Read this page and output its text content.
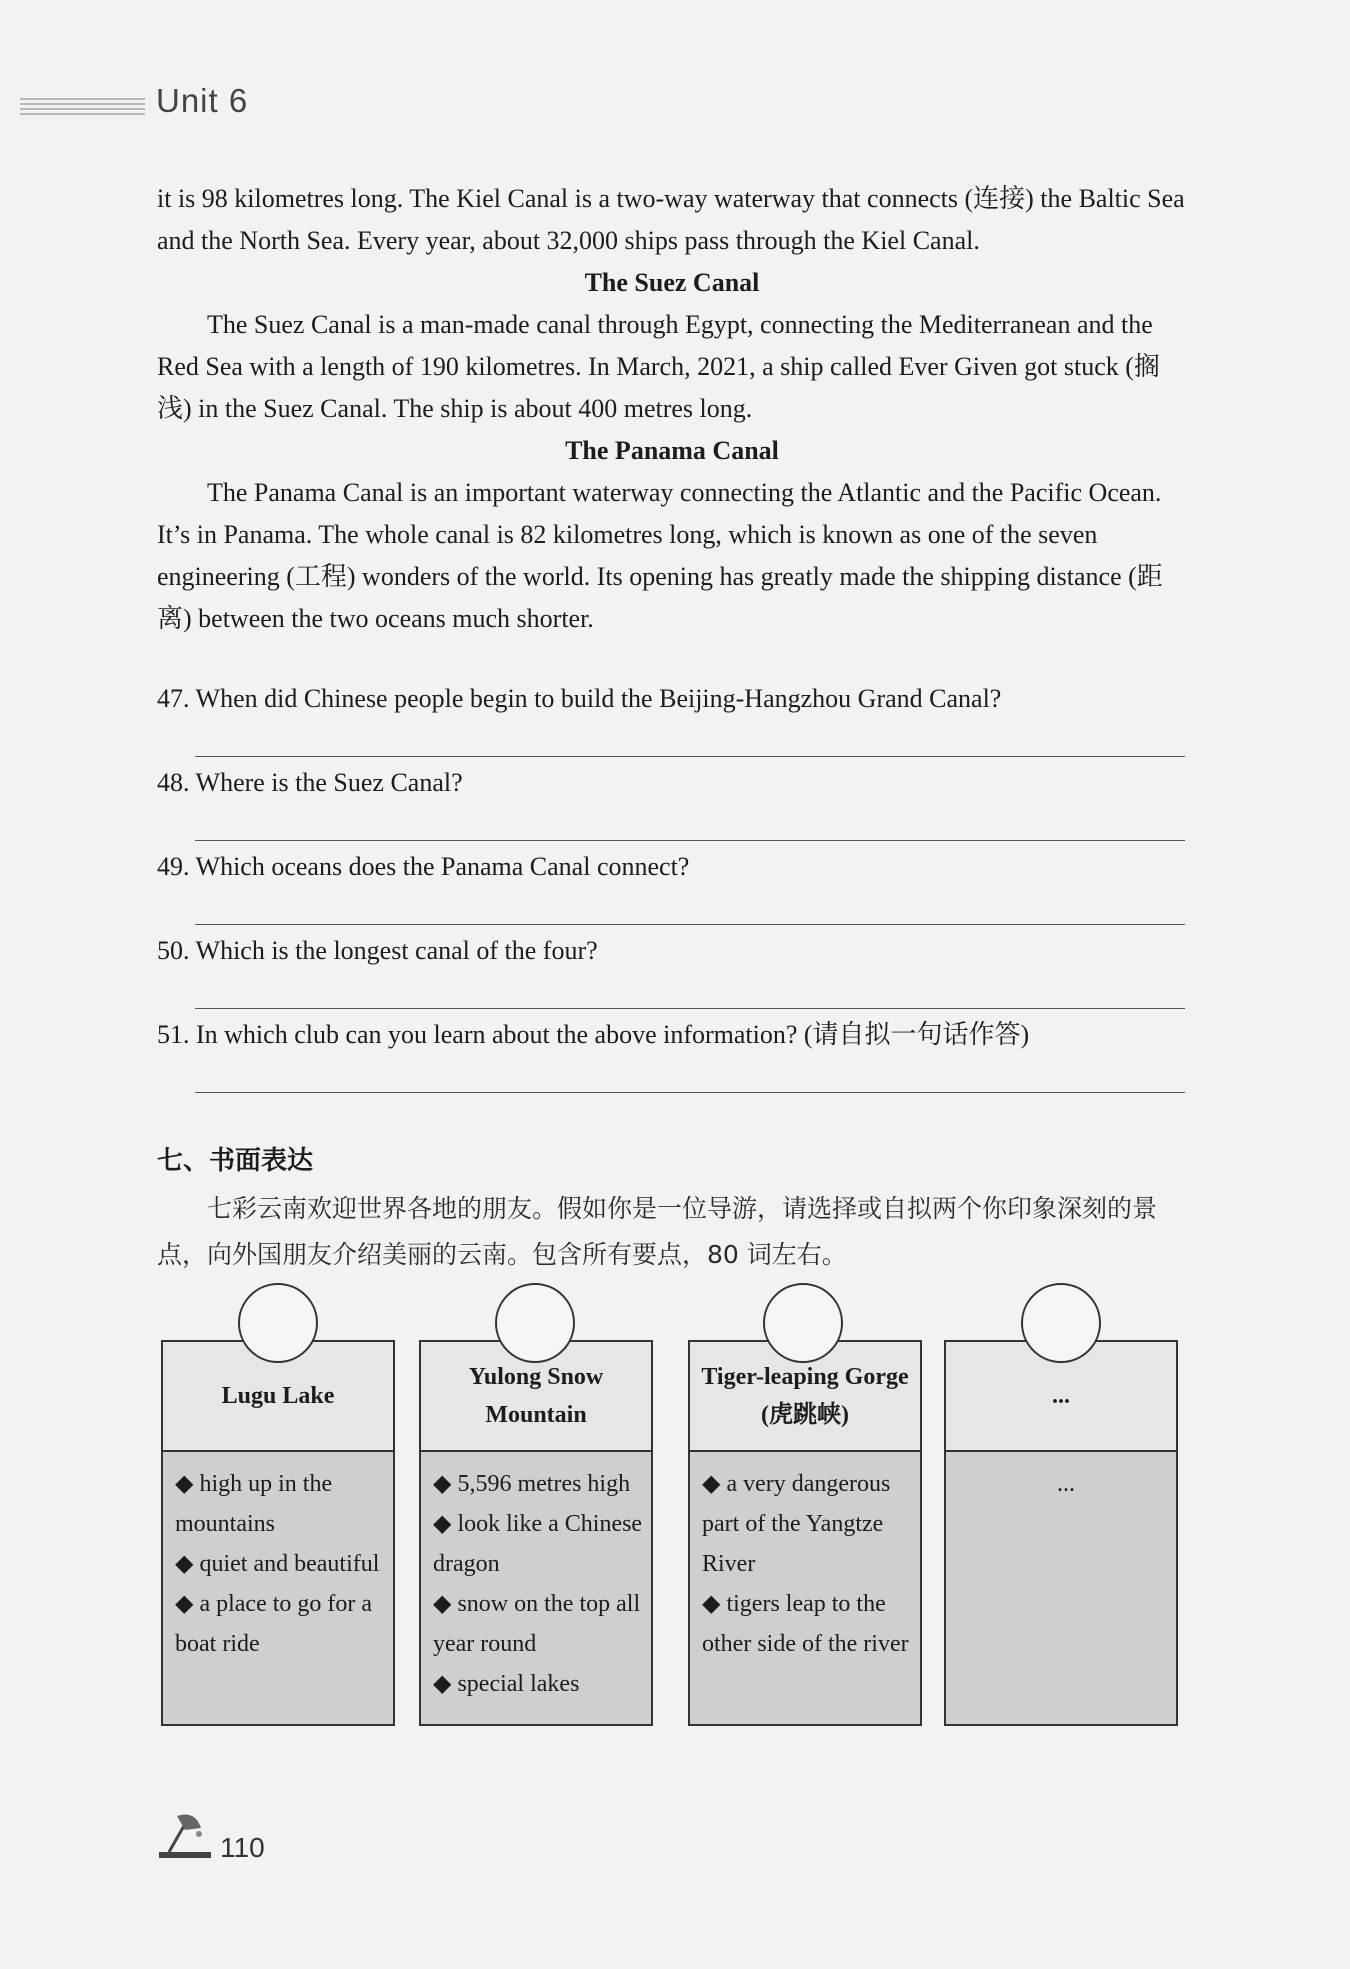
Unit 6

it is 98 kilometres long. The Kiel Canal is a two-way waterway that connects (连接) the Baltic Sea and the North Sea. Every year, about 32,000 ships pass through the Kiel Canal.

The Suez Canal

The Suez Canal is a man-made canal through Egypt, connecting the Mediterranean and the Red Sea with a length of 190 kilometres. In March, 2021, a ship called Ever Given got stuck (搁浅) in the Suez Canal. The ship is about 400 metres long.

The Panama Canal

The Panama Canal is an important waterway connecting the Atlantic and the Pacific Ocean. It’s in Panama. The whole canal is 82 kilometres long, which is known as one of the seven engineering (工程) wonders of the world. Its opening has greatly made the shipping distance (距离) between the two oceans much shorter.

47. When did Chinese people begin to build the Beijing-Hangzhou Grand Canal?
48. Where is the Suez Canal?
49. Which oceans does the Panama Canal connect?
50. Which is the longest canal of the four?
51. In which club can you learn about the above information? (请自拟一句话作答)
七、书面表达

七彩云南欢迎世界各地的朋友。假如你是一位导游，请选择或自拟两个你印象深刻的景点，向外国朋友介绍美丽的云南。包含所有要点，80 词左右。

Lugu Lake

◆ high up in the mountains

◆ quiet and beautiful

◆ a place to go for a boat ride

Yulong Snow Mountain

◆ 5,596 metres high

◆ look like a Chinese dragon

◆ snow on the top all year round

◆ special lakes

Tiger-leaping Gorge (虎跳峡)

◆ a very dangerous part of the Yangtze River

◆ tigers leap to the other side of the river

...

...

110
